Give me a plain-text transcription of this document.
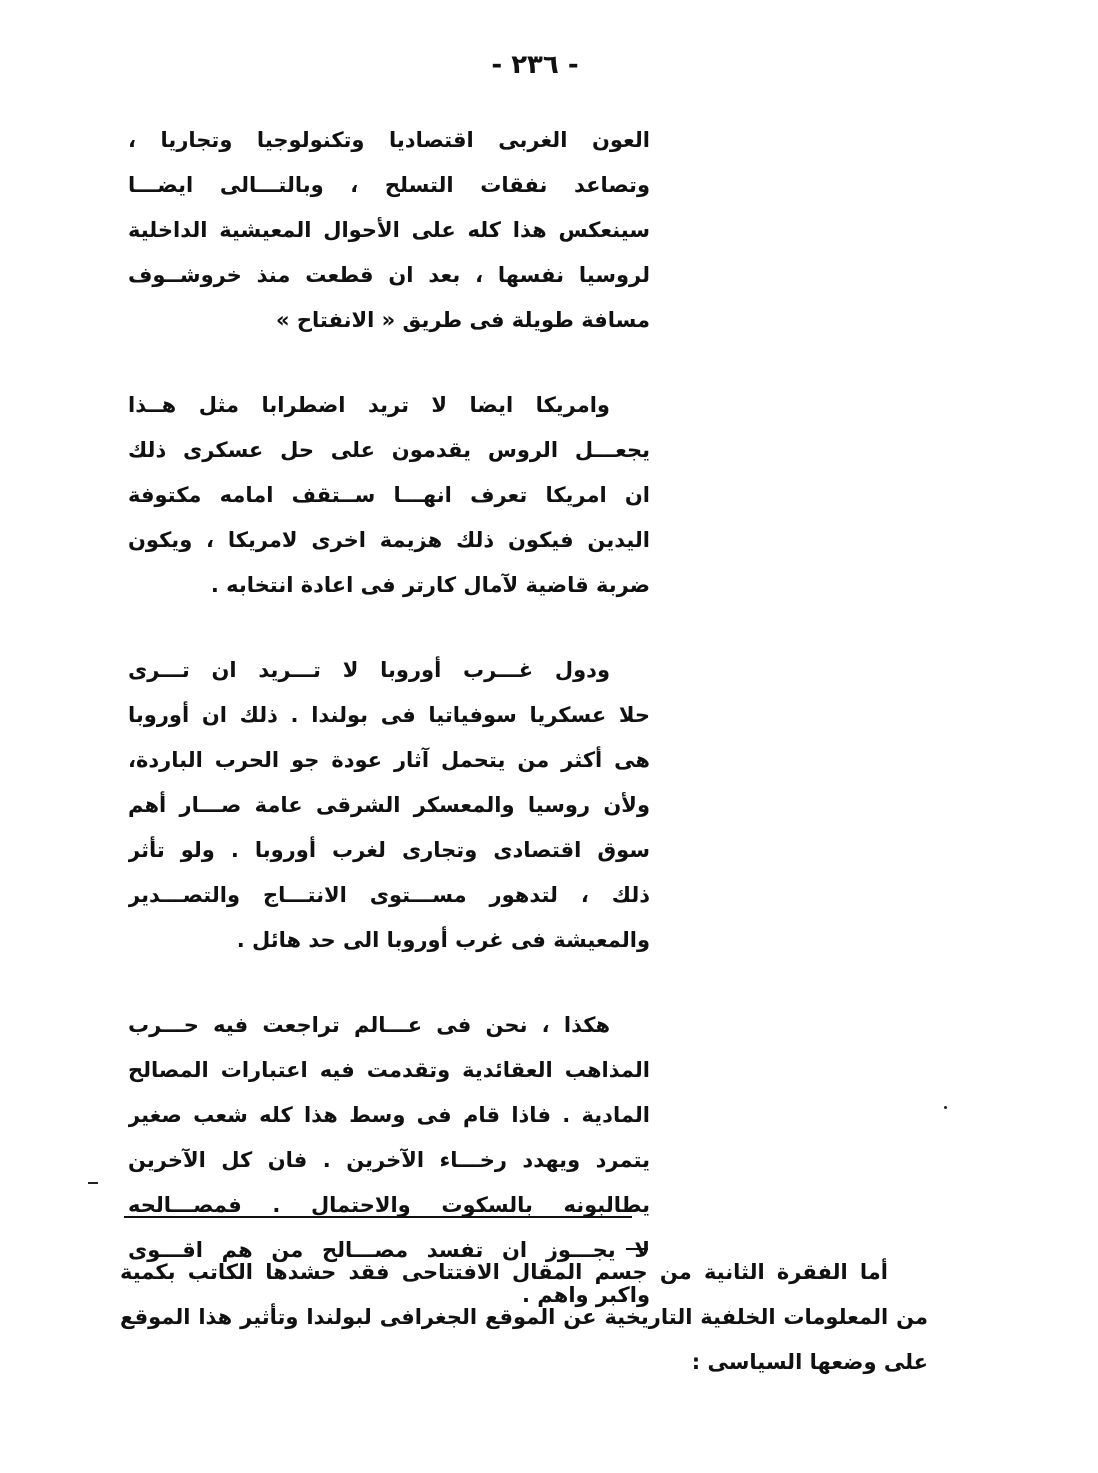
- ٢٣٦ -
العون الغربى اقتصاديا وتكنولوجيا وتجاريا ،
وتصاعد نفقات التسلح ، وبالتـــالى ايضـــا
سينعكس هذا كله على الأحوال المعيشية الداخلية
لروسيا نفسها ، بعد ان قطعت منذ خروشــوف
مسافة طويلة فى طريق « الانفتاح »
وامريكا ايضا لا تريد اضطرابا مثل هــذا
يجعـــل الروس يقدمون على حل عسكرى ذلك
ان امريكا تعرف انهـــا ســتقف امامه مكتوفة
اليدين فيكون ذلك هزيمة اخرى لامريكا ، ويكون
ضربة قاضية لآمال كارتر فى اعادة انتخابه .
ودول غـــرب أوروبا لا تـــريد ان تـــرى
حلا عسكريا سوفياتيا فى بولندا . ذلك ان أوروبا
هى أكثر من يتحمل آثار عودة جو الحرب الباردة،
ولأن روسيا والمعسكر الشرقى عامة صـــار أهم
سوق اقتصادى وتجارى لغرب أوروبا . ولو تأثر
ذلك ، لتدهور مســـتوى الانتـــاج والتصـــدير
والمعيشة فى غرب أوروبا الى حد هائل .
هكذا ، نحن فى عـــالم تراجعت فيه حـــرب
المذاهب العقائدية وتقدمت فيه اعتبارات المصالح
المادية . فاذا قام فى وسط هذا كله شعب صغير
يتمرد ويهدد رخـــاء الآخرين . فان كل الآخرين
يطالبونه بالسكوت والاحتمال . فمصـــالحه
لا يجـــوز ان تفسد مصـــالح من هم اقـــوى
واكبر واهم .
أما الفقرة الثانية من جسم المقال الافتتاحى فقد حشدها الكاتب بكمية
من المعلومات الخلفية التاريخية عن الموقع الجغرافى لبولندا وتأثير هذا الموقع
على وضعها السياسى :
